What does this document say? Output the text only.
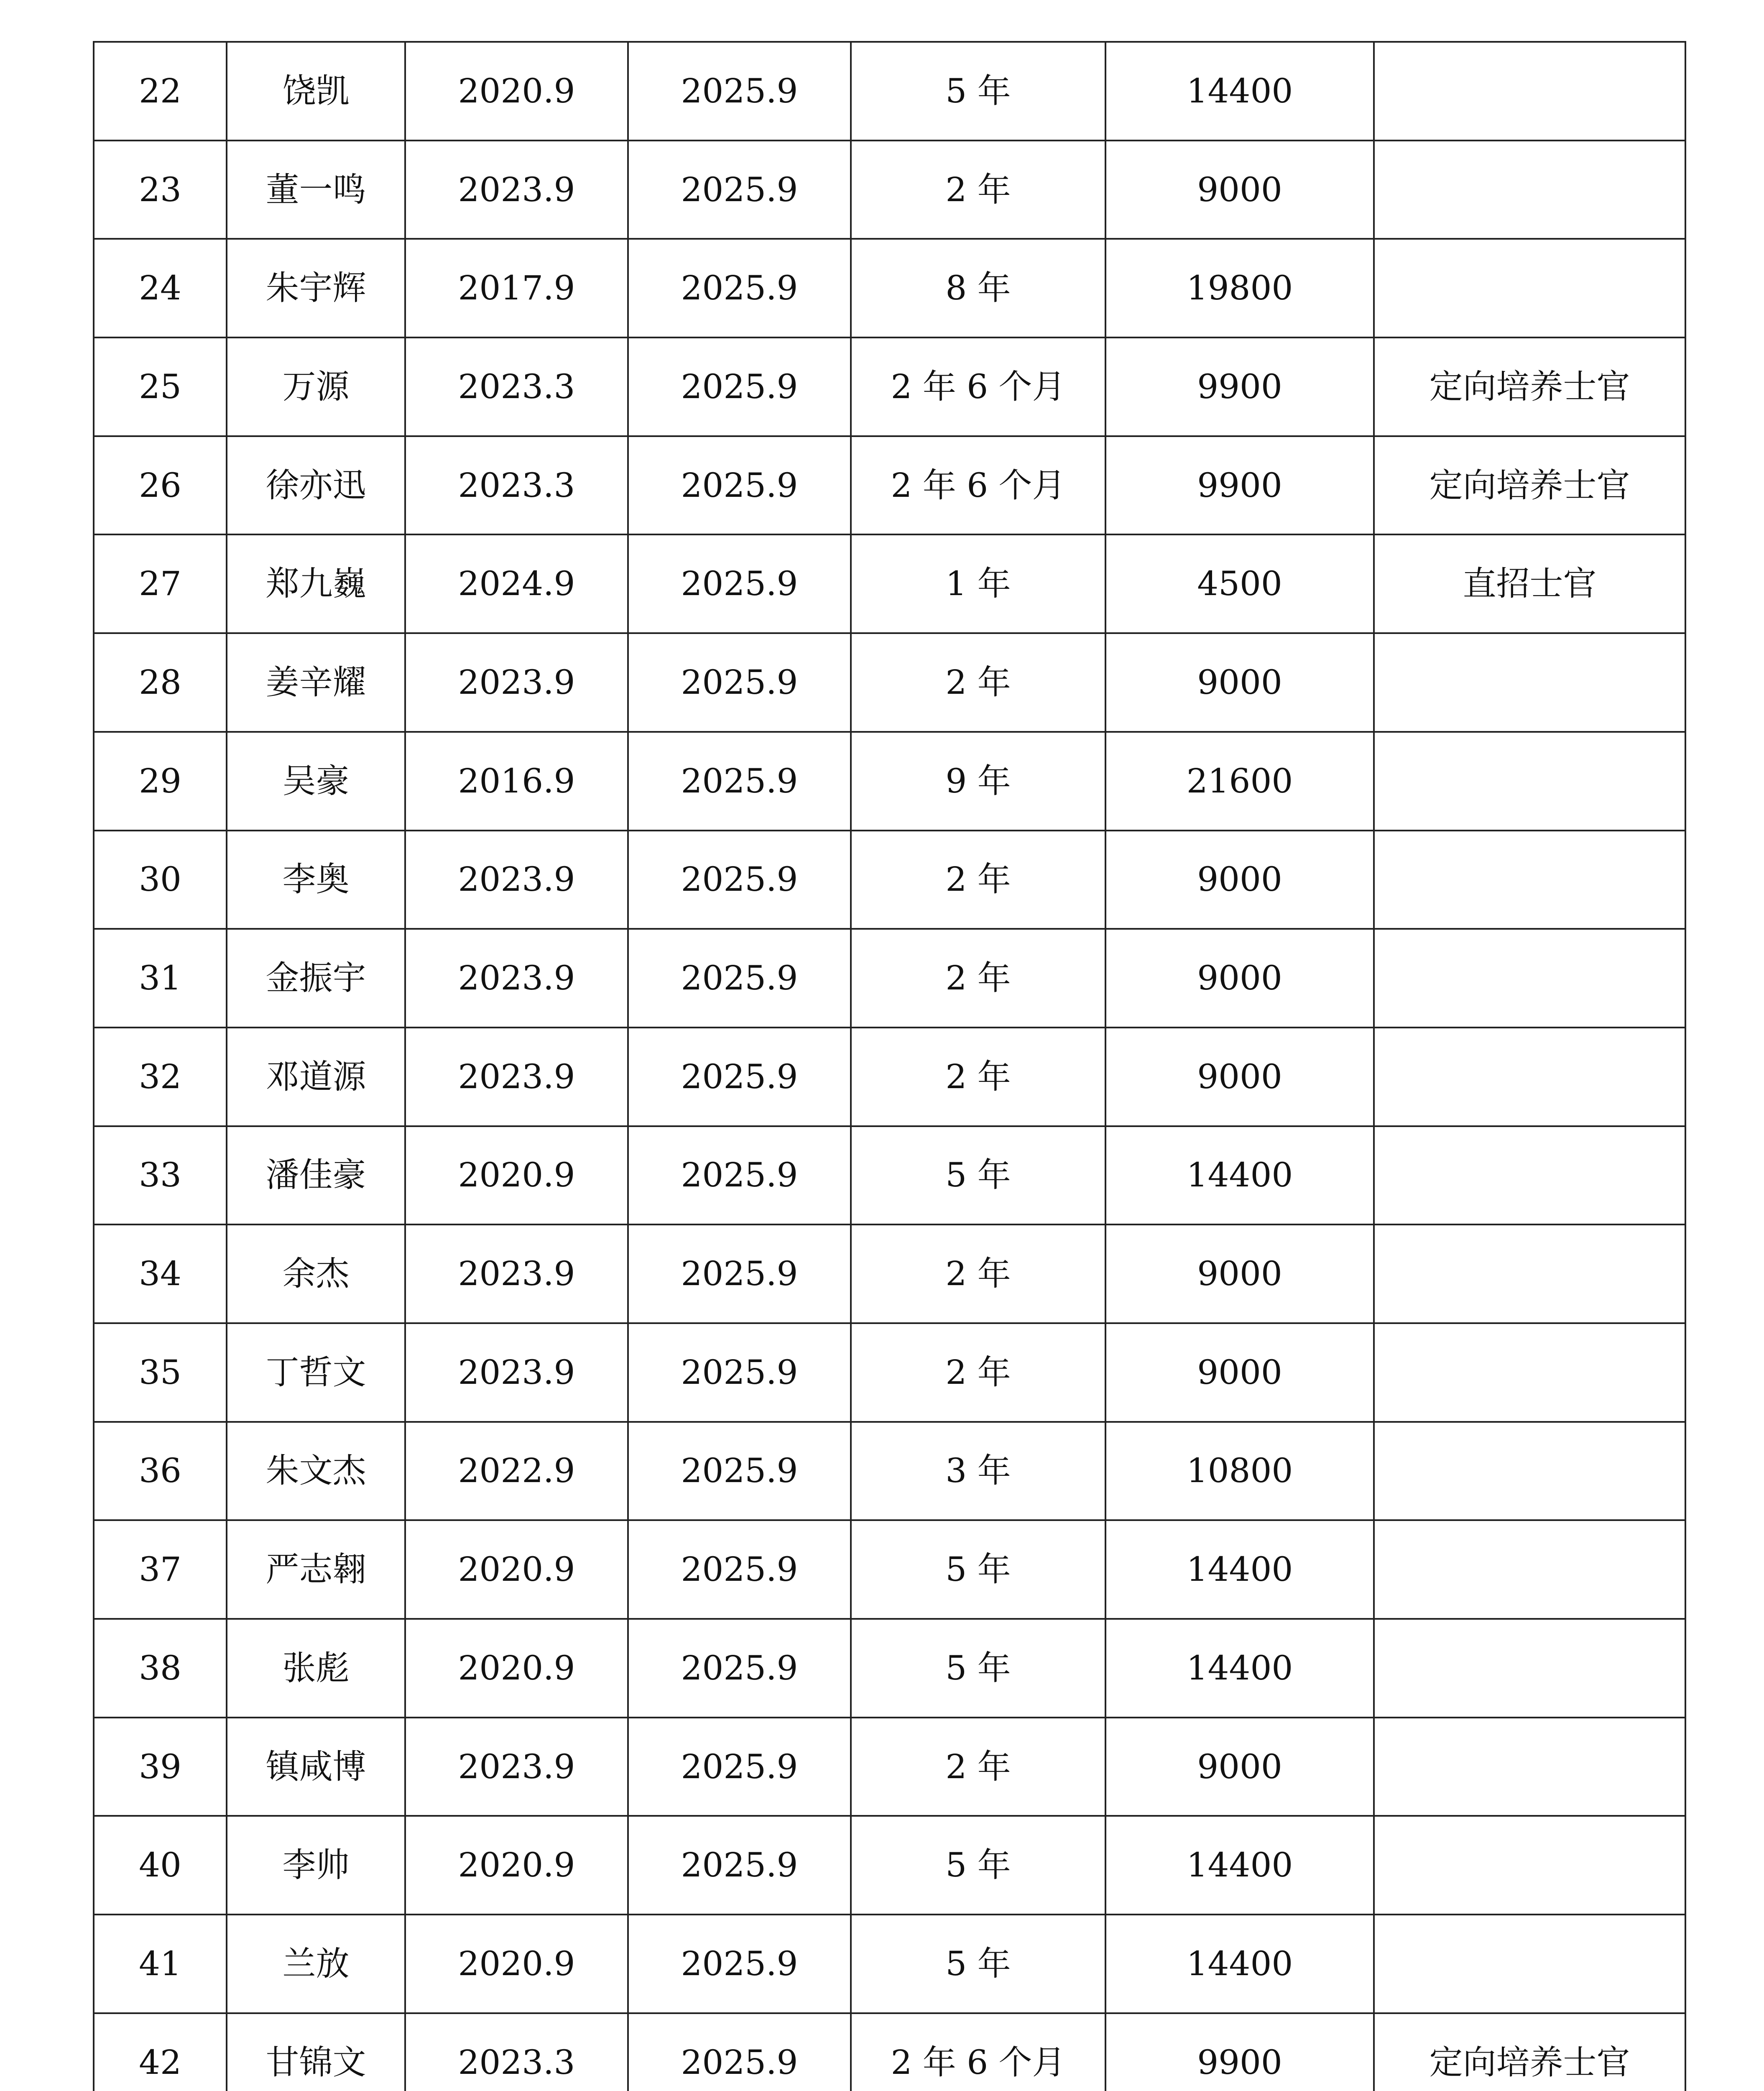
22	饶凯	2020.9	2025.9	5 年	14400	
23	董一鸣	2023.9	2025.9	2 年	9000	
24	朱宇辉	2017.9	2025.9	8 年	19800	
25	万源	2023.3	2025.9	2 年 6 个月	9900	定向培养士官
26	徐亦迅	2023.3	2025.9	2 年 6 个月	9900	定向培养士官
27	郑九巍	2024.9	2025.9	1 年	4500	直招士官
28	姜辛耀	2023.9	2025.9	2 年	9000	
29	吴豪	2016.9	2025.9	9 年	21600	
30	李奥	2023.9	2025.9	2 年	9000	
31	金振宇	2023.9	2025.9	2 年	9000	
32	邓道源	2023.9	2025.9	2 年	9000	
33	潘佳豪	2020.9	2025.9	5 年	14400	
34	余杰	2023.9	2025.9	2 年	9000	
35	丁哲文	2023.9	2025.9	2 年	9000	
36	朱文杰	2022.9	2025.9	3 年	10800	
37	严志翱	2020.9	2025.9	5 年	14400	
38	张彪	2020.9	2025.9	5 年	14400	
39	镇咸博	2023.9	2025.9	2 年	9000	
40	李帅	2020.9	2025.9	5 年	14400	
41	兰放	2020.9	2025.9	5 年	14400	
42	甘锦文	2023.3	2025.9	2 年 6 个月	9900	定向培养士官
